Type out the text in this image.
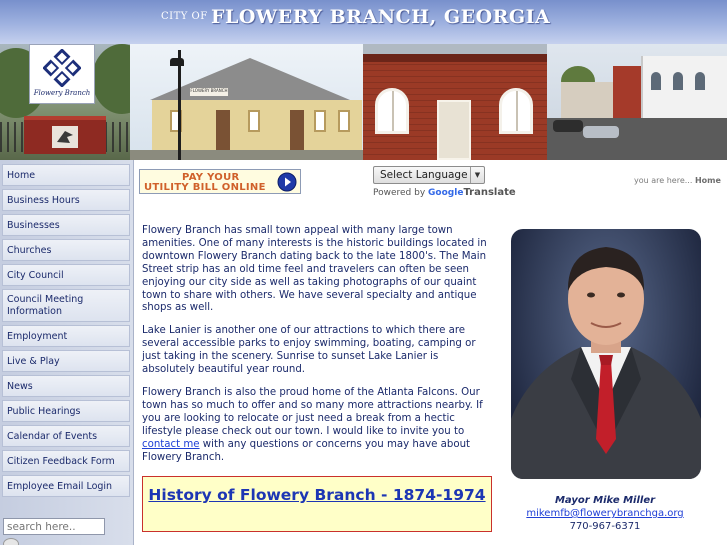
CITY OF FLOWERY BRANCH, GEORGIA
Flowery Branch	FLOWERY BRANCH
Home
Business Hours
Businesses
Churches
City Council
Council Meeting Information
Employment
Live & Play
News
Public Hearings
Calendar of Events
Citizen Feedback Form
Employee Email Login
search here..
PAY YOUR
UTILITY BILL ONLINE
Select Language	▼
Powered by GoogleTranslate
you are here... Home

Flowery Branch has small town appeal with many large town amenities. One of many interests is the historic buildings located in downtown Flowery Branch dating back to the late 1800's. The Main Street strip has an old time feel and travelers can often be seen enjoying our city side as well as taking photographs of our quaint town to share with others. We have several specialty and antique shops as well.

Lake Lanier is another one of our attractions to which there are several accessible parks to enjoy swimming, boating, camping or just taking in the scenery. Sunrise to sunset Lake Lanier is absolutely beautiful year round.

Flowery Branch is also the proud home of the Atlanta Falcons. Our town has so much to offer and so many more attractions nearby. If you are looking to relocate or just need a break from a hectic lifestyle please check out our town. I would like to invite you to contact me with any questions or concerns you may have about Flowery Branch.

History of Flowery Branch - 1874-1974	Mayor Mike Miller
mikemfb@flowerybranchga.org
770-967-6371
